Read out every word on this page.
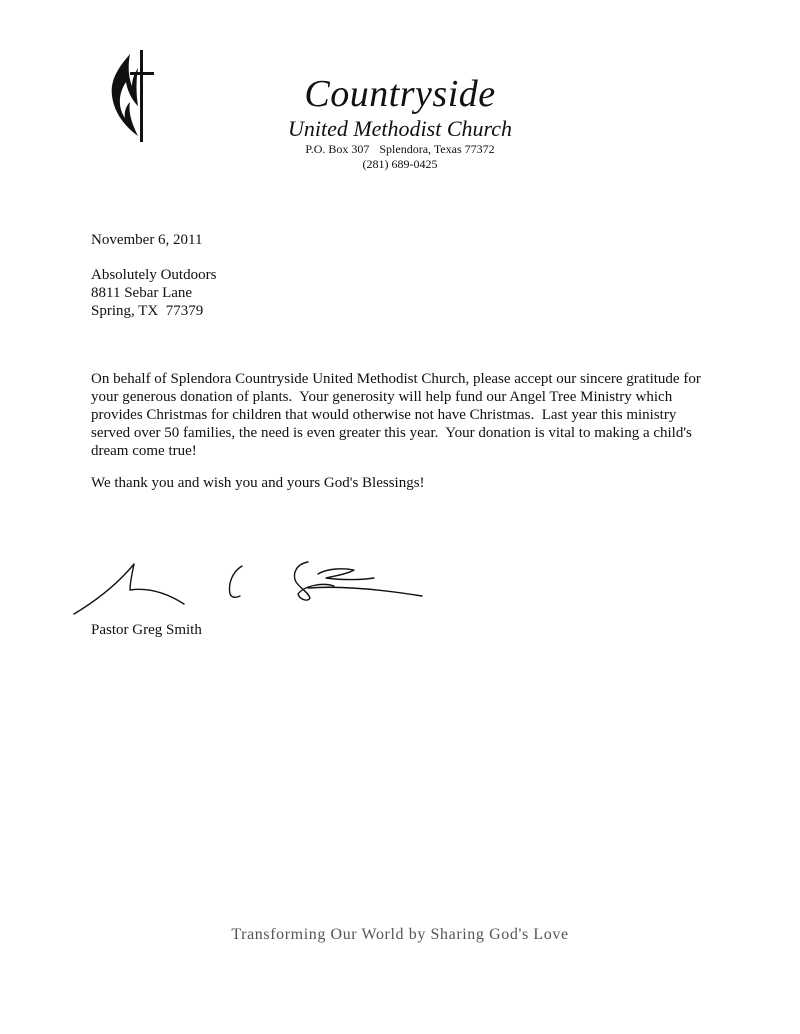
Countryside
United Methodist Church
P.O. Box 307 Splendora, Texas 77372
(281) 689-0425
November 6, 2011
Absolutely Outdoors
8811 Sebar Lane
Spring, TX  77379

On behalf of Splendora Countryside United Methodist Church, please accept our sincere gratitude for your generous donation of plants.  Your generosity will help fund our Angel Tree Ministry which provides Christmas for children that would otherwise not have Christmas.  Last year this ministry served over 50 families, the need is even greater this year.  Your donation is vital to making a child's dream come true!

We thank you and wish you and yours God's Blessings!

Pastor Greg Smith
Transforming Our World by Sharing God's Love
